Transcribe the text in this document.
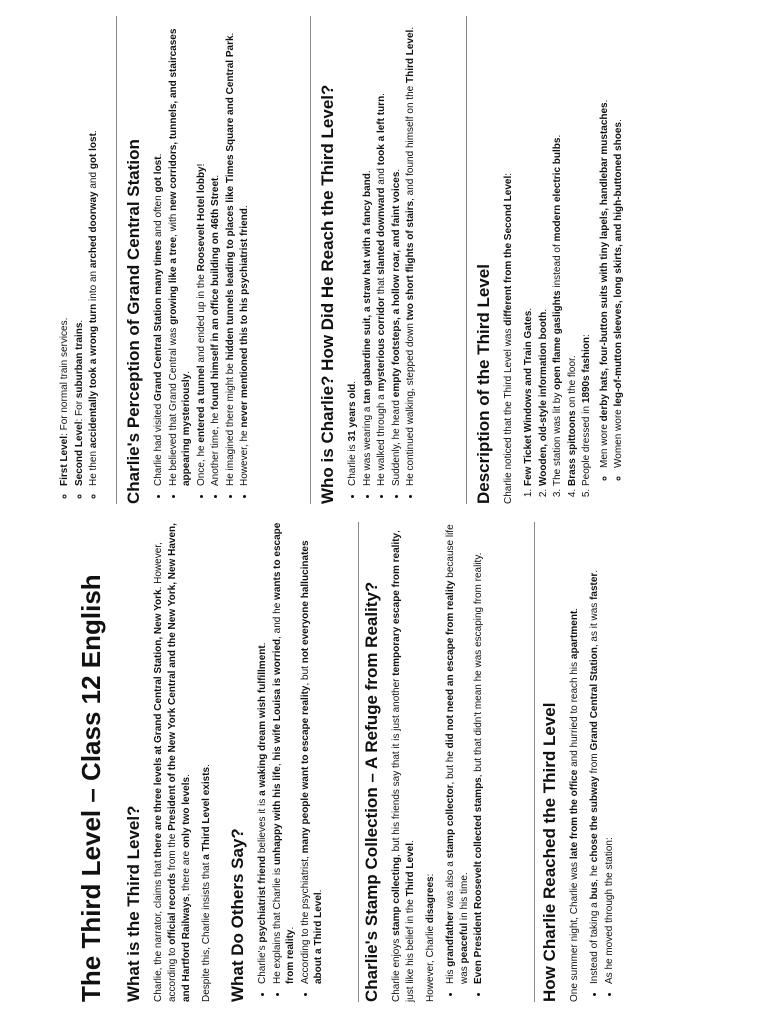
The Third Level – Class 12 English What is the Third Level? Charlie, the narrator, claims that there are three levels at Grand Central Station, New York. However, according to official records from the President of the New York Central and the New York, New Haven, and Hartford Railways, there are only two levels.

Despite this, Charlie insists that a Third Level exists.

What Do Others Say? • Charlie's psychiatrist friend believes it is a waking dream wish fulfillment.
• He explains that Charlie is unhappy with his life, his wife Louisa is worried, and he wants to escape from reality. • According to the psychiatrist, many people want to escape reality, but not everyone hallucinates about a Third Level. Charlie's Stamp Collection – A Refuge from Reality? Charlie enjoys stamp collecting, but his friends say that it is just another temporary escape from reality, just like his belief in the Third Level.

However, Charlie disagrees:

• His grandfather was also a stamp collector, but he did not need an escape from reality because life was peaceful in his time. • Even President Roosevelt collected stamps, but that didn't mean he was escaping from reality.
How Charlie Reached the Third Level One summer night, Charlie was late from the office and hurried to reach his apartment.

• Instead of taking a bus, he chose the subway from Grand Central Station, as it was faster.
• As he moved through the station:
◦ First Level: For normal train services.
◦ Second Level: For suburban trains.
◦ He then accidentally took a wrong turn into an arched doorway and got lost.
Charlie's Perception of Grand Central Station • Charlie had visited Grand Central Station many times and often got lost.
• He believed that Grand Central was growing like a tree, with new corridors, tunnels, and staircases appearing mysteriously.
• Once, he entered a tunnel and ended up in the Roosevelt Hotel lobby!
• Another time, he found himself in an office building on 46th Street.
• He imagined there might be hidden tunnels leading to places like Times Square and Central Park.
• However, he never mentioned this to his psychiatrist friend.	Who is Charlie? How Did He Reach the Third Level? • Charlie is 31 years old.
• He was wearing a tan gabardine suit, a straw hat with a fancy band.
• He walked through a mysterious corridor that slanted downward and took a left turn.
• Suddenly, he heard empty footsteps, a hollow roar, and faint voices.
• He continued walking, stepped down two short flights of stairs, and found himself on the Third Level.
Description of the Third Level Charlie noticed that the Third Level was different from the Second Level:

1. Few Ticket Windows and Train Gates.
2. Wooden, old-style information booth.
3. The station was lit by open flame gaslights instead of modern electric bulbs.
4. Brass spittoons on the floor.
5. People dressed in 1890s fashion:
◦ Men wore derby hats, four-button suits with tiny lapels, handlebar mustaches.
◦ Women wore leg-of-mutton sleeves, long skirts, and high-buttoned shoes.
